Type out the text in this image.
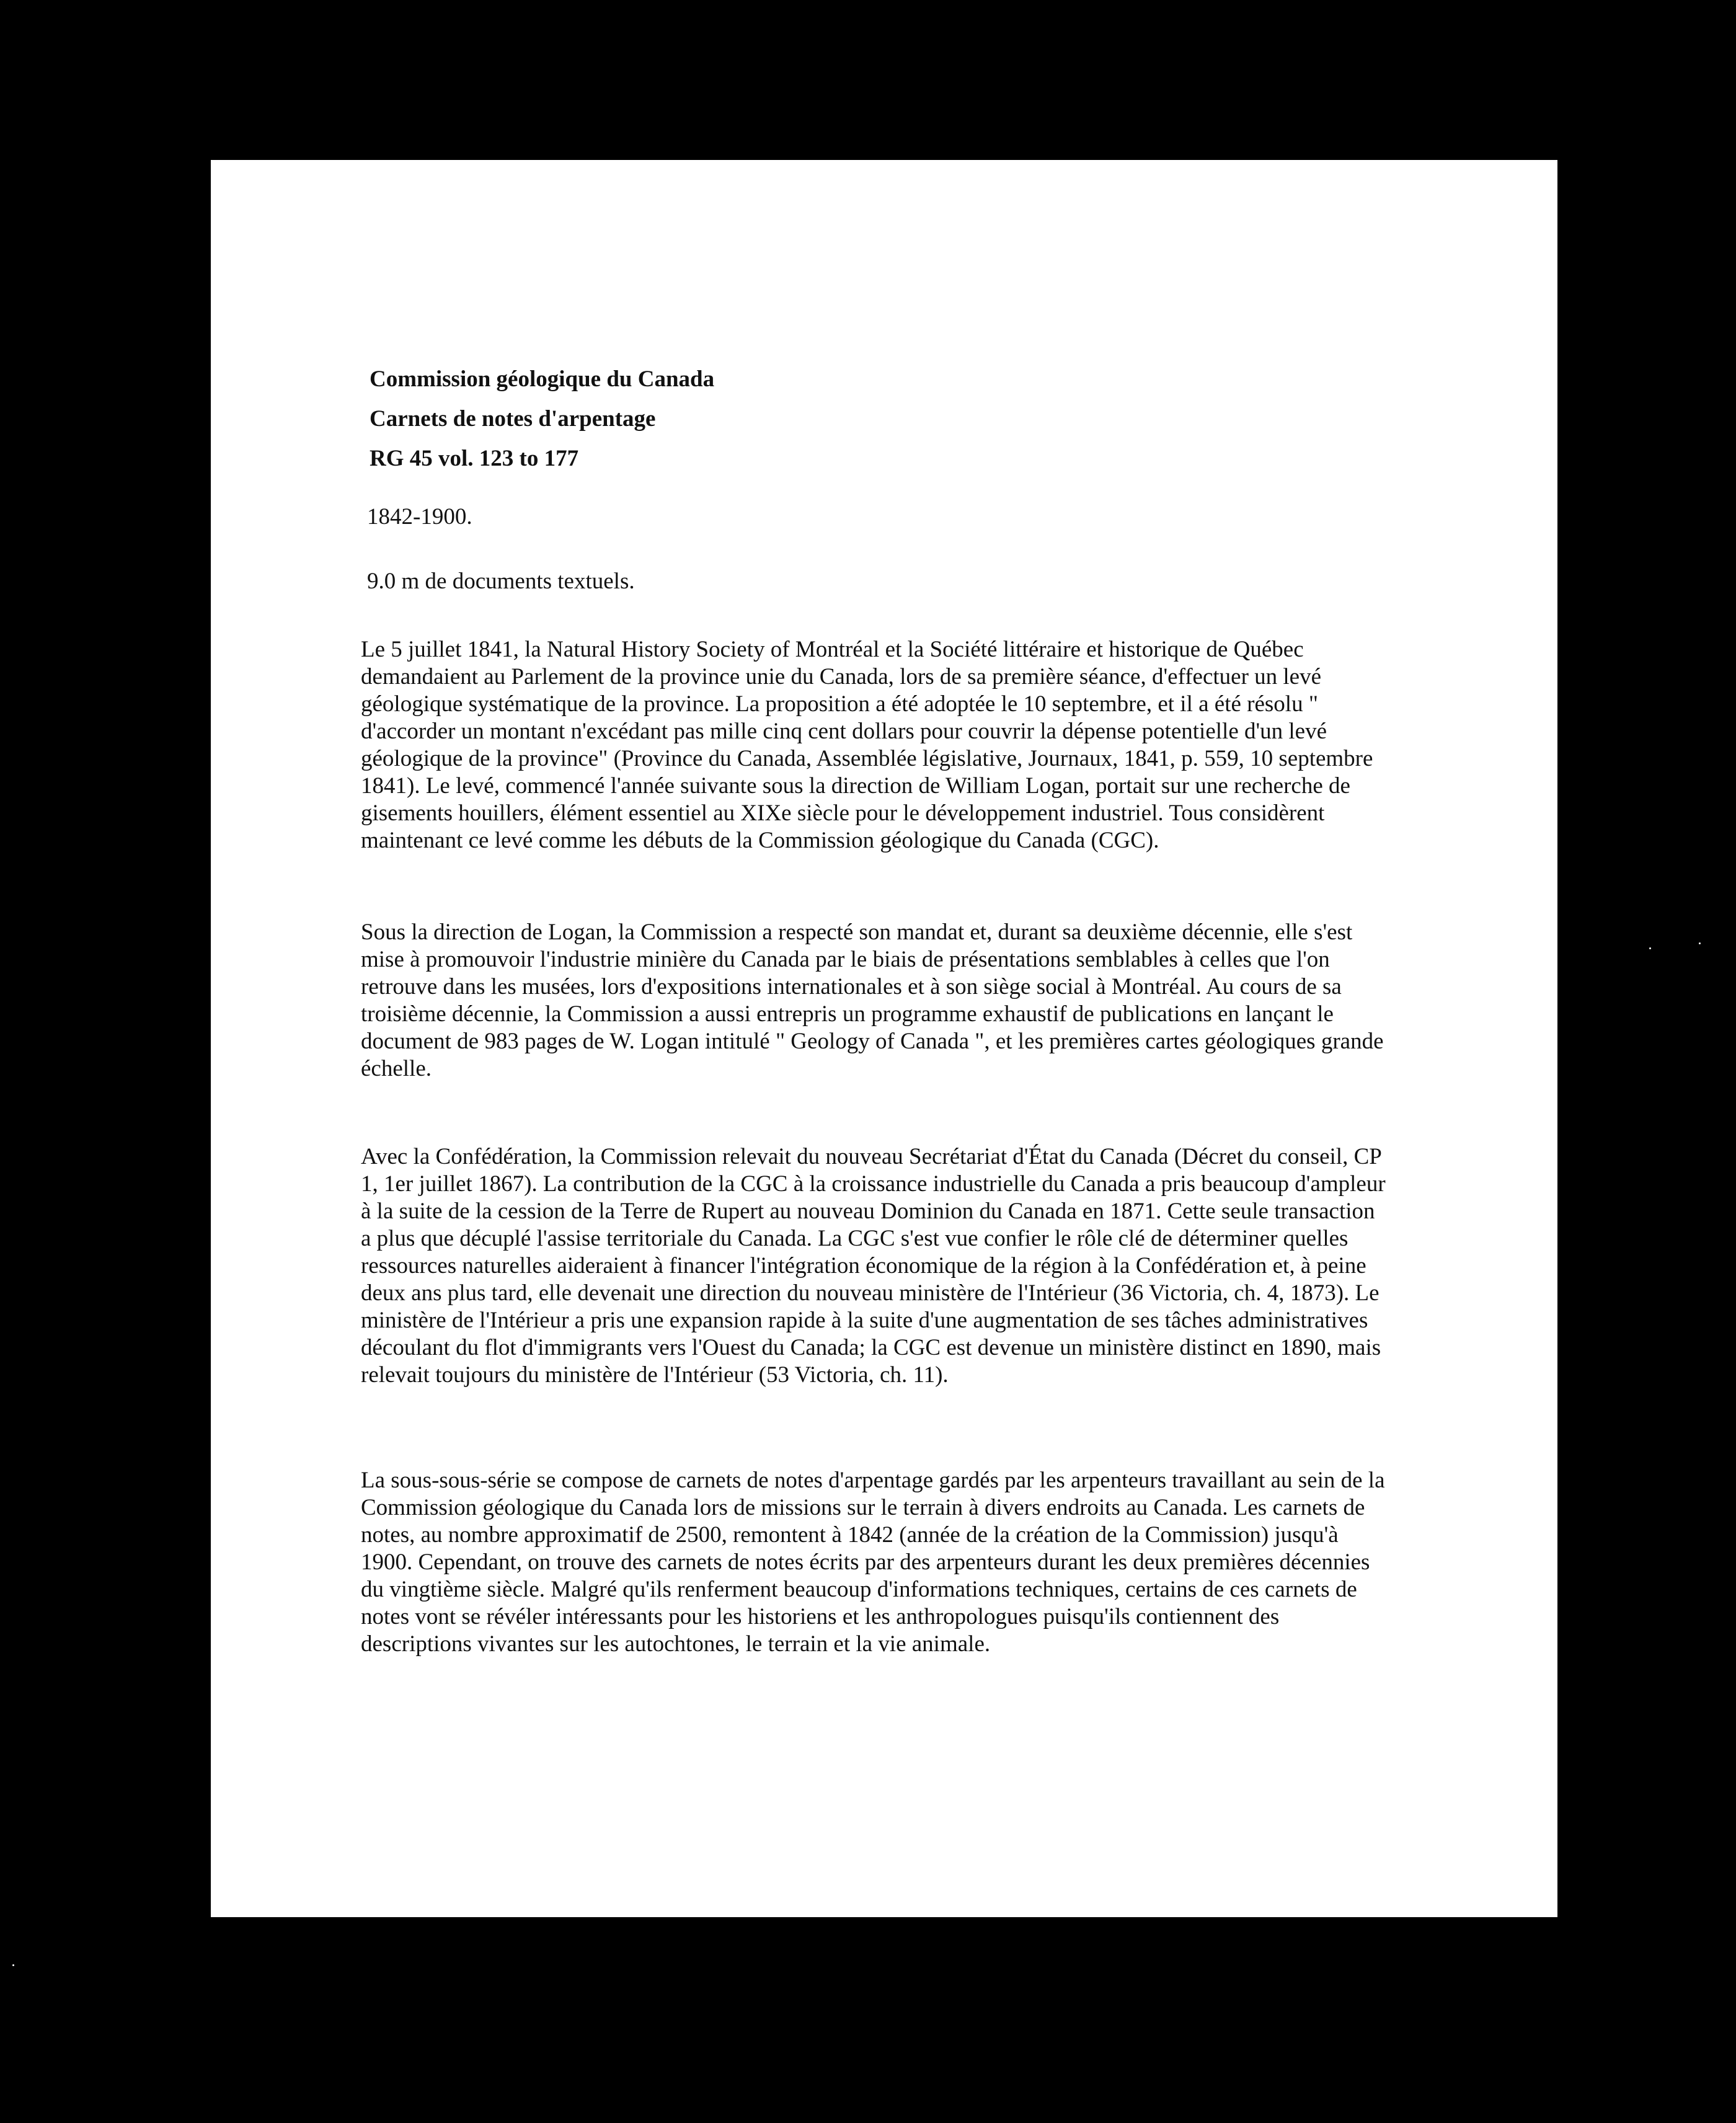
Commission géologique du Canada
Carnets de notes d'arpentage
RG 45 vol. 123 to 177
1842-1900.
9.0 m de documents textuels.

Le 5 juillet 1841, la Natural History Society of Montréal et la Société littéraire et historique de Québec demandaient au Parlement de la province unie du Canada, lors de sa première séance, d'effectuer un levé géologique systématique de la province. La proposition a été adoptée le 10 septembre, et il a été résolu " d'accorder un montant n'excédant pas mille cinq cent dollars pour couvrir la dépense potentielle d'un levé géologique de la province" (Province du Canada, Assemblée législative, Journaux, 1841, p. 559, 10 septembre 1841). Le levé, commencé l'année suivante sous la direction de William Logan, portait sur une recherche de gisements houillers, élément essentiel au XIXe siècle pour le développement industriel. Tous considèrent maintenant ce levé comme les débuts de la Commission géologique du Canada (CGC).

Sous la direction de Logan, la Commission a respecté son mandat et, durant sa deuxième décennie, elle s'est mise à promouvoir l'industrie minière du Canada par le biais de présentations semblables à celles que l'on retrouve dans les musées, lors d'expositions internationales et à son siège social à Montréal. Au cours de sa troisième décennie, la Commission a aussi entrepris un programme exhaustif de publications en lançant le document de 983 pages de W. Logan intitulé " Geology of Canada ", et les premières cartes géologiques grande échelle.

Avec la Confédération, la Commission relevait du nouveau Secrétariat d'État du Canada (Décret du conseil, CP 1, 1er juillet 1867). La contribution de la CGC à la croissance industrielle du Canada a pris beaucoup d'ampleur à la suite de la cession de la Terre de Rupert au nouveau Dominion du Canada en 1871. Cette seule transaction a plus que décuplé l'assise territoriale du Canada. La CGC s'est vue confier le rôle clé de déterminer quelles ressources naturelles aideraient à financer l'intégration économique de la région à la Confédération et, à peine deux ans plus tard, elle devenait une direction du nouveau ministère de l'Intérieur (36 Victoria, ch. 4, 1873). Le ministère de l'Intérieur a pris une expansion rapide à la suite d'une augmentation de ses tâches administratives découlant du flot d'immigrants vers l'Ouest du Canada; la CGC est devenue un ministère distinct en 1890, mais relevait toujours du ministère de l'Intérieur (53 Victoria, ch. 11).

La sous-sous-série se compose de carnets de notes d'arpentage gardés par les arpenteurs travaillant au sein de la Commission géologique du Canada lors de missions sur le terrain à divers endroits au Canada. Les carnets de notes, au nombre approximatif de 2500, remontent à 1842 (année de la création de la Commission) jusqu'à 1900. Cependant, on trouve des carnets de notes écrits par des arpenteurs durant les deux premières décennies du vingtième siècle. Malgré qu'ils renferment beaucoup d'informations techniques, certains de ces carnets de notes vont se révéler intéressants pour les historiens et les anthropologues puisqu'ils contiennent des descriptions vivantes sur les autochtones, le terrain et la vie animale.
